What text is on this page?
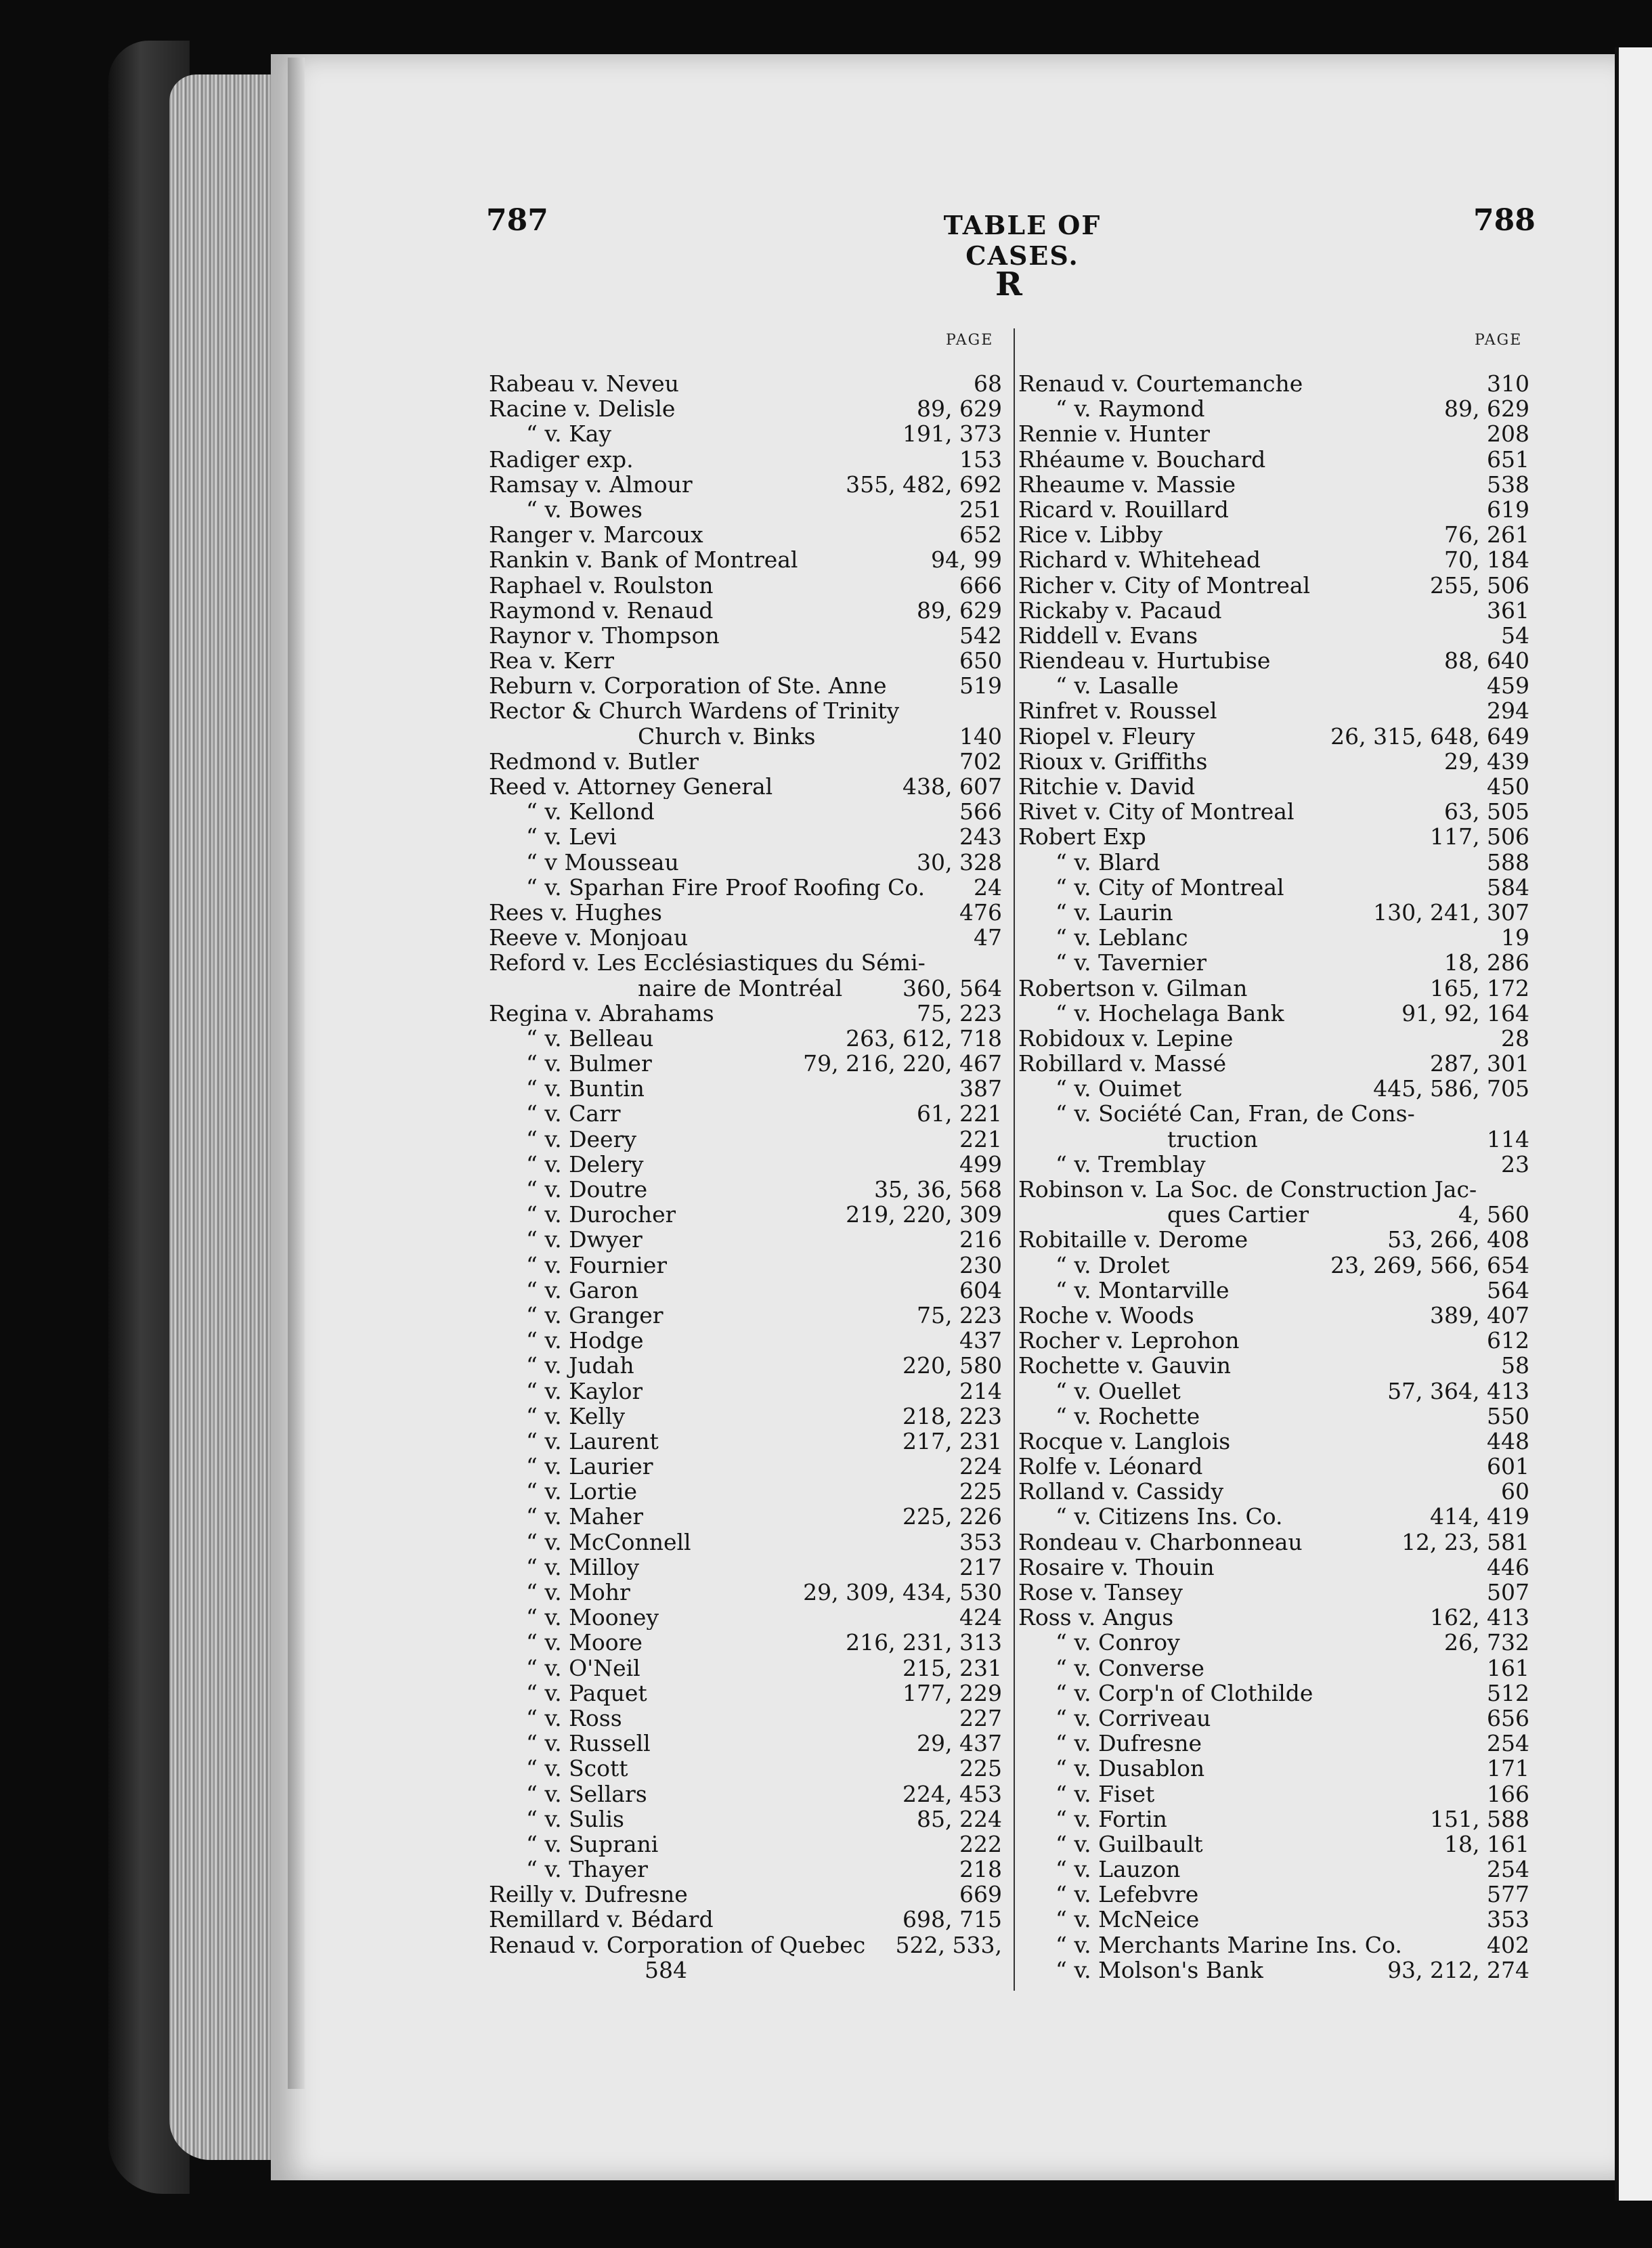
787	TABLE OF CASES.
788
R
PAGE	PAGE
Rabeau v. Neveu	68
Racine v. Delisle	89, 629
“ v. Kay	191, 373
Radiger exp.	153
Ramsay v. Almour	355, 482, 692
“ v. Bowes	251
Ranger v. Marcoux	652
Rankin v. Bank of Montreal	94, 99
Raphael v. Roulston	666
Raymond v. Renaud	89, 629
Raynor v. Thompson	542
Rea v. Kerr	650
Reburn v. Corporation of Ste. Anne	519
Rector & Church Wardens of Trinity
Church v. Binks	140
Redmond v. Butler	702
Reed v. Attorney General	438, 607
“ v. Kellond	566
“ v. Levi	243
“ v Mousseau	30, 328
“ v. Sparhan Fire Proof Roofing Co.	24
Rees v. Hughes	476
Reeve v. Monjoau	47
Reford v. Les Ecclésiastiques du Sémi-
naire de Montréal	360, 564
Regina v. Abrahams	75, 223
“ v. Belleau	263, 612, 718
“ v. Bulmer	79, 216, 220, 467
“ v. Buntin	387
“ v. Carr	61, 221
“ v. Deery	221
“ v. Delery	499
“ v. Doutre	35, 36, 568
“ v. Durocher	219, 220, 309
“ v. Dwyer	216
“ v. Fournier	230
“ v. Garon	604
“ v. Granger	75, 223
“ v. Hodge	437
“ v. Judah	220, 580
“ v. Kaylor	214
“ v. Kelly	218, 223
“ v. Laurent	217, 231
“ v. Laurier	224
“ v. Lortie	225
“ v. Maher	225, 226
“ v. McConnell	353
“ v. Milloy	217
“ v. Mohr	29, 309, 434, 530
“ v. Mooney	424
“ v. Moore	216, 231, 313
“ v. O'Neil	215, 231
“ v. Paquet	177, 229
“ v. Ross	227
“ v. Russell	29, 437
“ v. Scott	225
“ v. Sellars	224, 453
“ v. Sulis	85, 224
“ v. Suprani	222
“ v. Thayer	218
Reilly v. Dufresne	669
Remillard v. Bédard	698, 715
Renaud v. Corporation of Quebec	522, 533,
584
Renaud v. Courtemanche	310
“ v. Raymond	89, 629
Rennie v. Hunter	208
Rhéaume v. Bouchard	651
Rheaume v. Massie	538
Ricard v. Rouillard	619
Rice v. Libby	76, 261
Richard v. Whitehead	70, 184
Richer v. City of Montreal	255, 506
Rickaby v. Pacaud	361
Riddell v. Evans	54
Riendeau v. Hurtubise	88, 640
“ v. Lasalle	459
Rinfret v. Roussel	294
Riopel v. Fleury	26, 315, 648, 649
Rioux v. Griffiths	29, 439
Ritchie v. David	450
Rivet v. City of Montreal	63, 505
Robert Exp	117, 506
“ v. Blard	588
“ v. City of Montreal	584
“ v. Laurin	130, 241, 307
“ v. Leblanc	19
“ v. Tavernier	18, 286
Robertson v. Gilman	165, 172
“ v. Hochelaga Bank	91, 92, 164
Robidoux v. Lepine	28
Robillard v. Massé	287, 301
“ v. Ouimet	445, 586, 705
“ v. Société Can, Fran, de Cons-
truction	114
“ v. Tremblay	23
Robinson v. La Soc. de Construction Jac-
ques Cartier	4, 560
Robitaille v. Derome	53, 266, 408
“ v. Drolet	23, 269, 566, 654
“ v. Montarville	564
Roche v. Woods	389, 407
Rocher v. Leprohon	612
Rochette v. Gauvin	58
“ v. Ouellet	57, 364, 413
“ v. Rochette	550
Rocque v. Langlois	448
Rolfe v. Léonard	601
Rolland v. Cassidy	60
“ v. Citizens Ins. Co.	414, 419
Rondeau v. Charbonneau	12, 23, 581
Rosaire v. Thouin	446
Rose v. Tansey	507
Ross v. Angus	162, 413
“ v. Conroy	26, 732
“ v. Converse	161
“ v. Corp'n of Clothilde	512
“ v. Corriveau	656
“ v. Dufresne	254
“ v. Dusablon	171
“ v. Fiset	166
“ v. Fortin	151, 588
“ v. Guilbault	18, 161
“ v. Lauzon	254
“ v. Lefebvre	577
“ v. McNeice	353
“ v. Merchants Marine Ins. Co.	402
“ v. Molson's Bank	93, 212, 274
